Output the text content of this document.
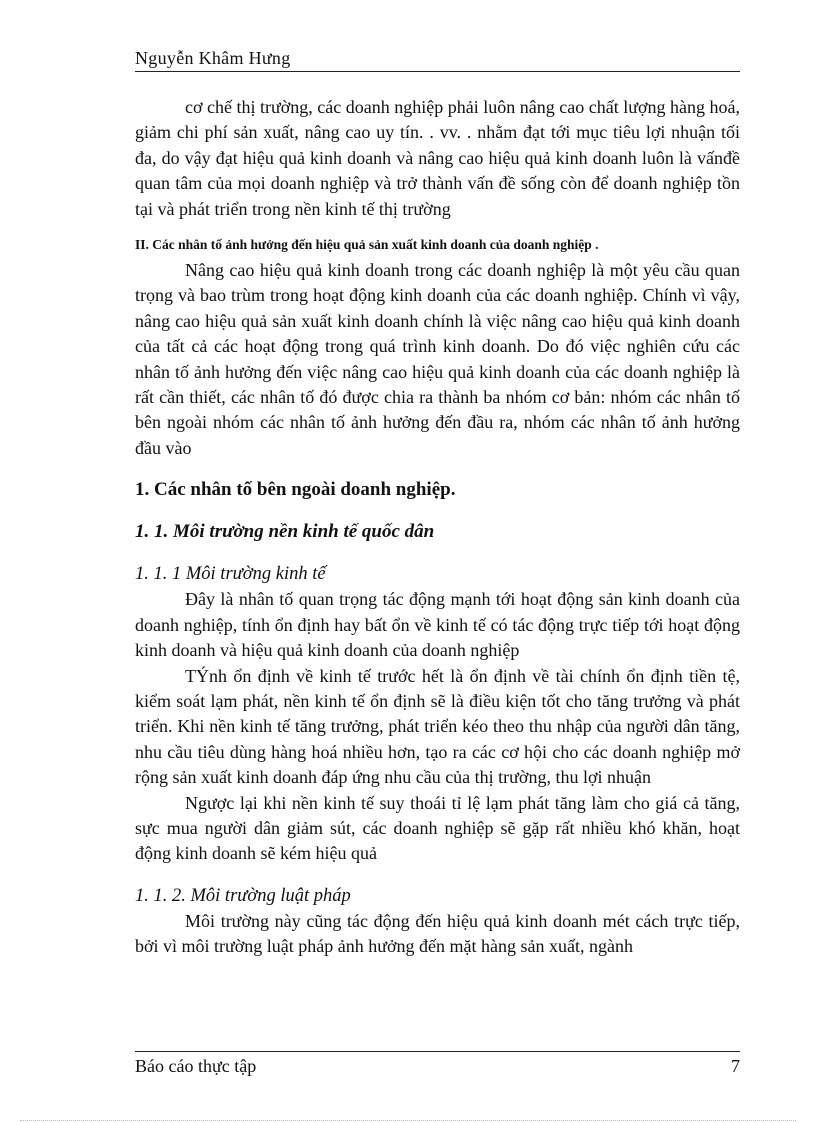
Nguyễn Khâm Hưng

cơ chế thị trường, các doanh nghiệp phải luôn nâng cao chất lượng hàng hoá, giảm chi phí sản xuất, nâng cao uy tín. . vv. . nhằm đạt tới mục tiêu lợi nhuận tối đa, do vậy đạt hiệu quả kinh doanh và nâng cao hiệu quả kinh doanh luôn là vấnđề quan tâm của mọi doanh nghiệp và trở thành vấn đề sống còn để doanh nghiệp tồn tại và phát triển trong nền kinh tế thị trường

II. Các nhân tố ảnh hưởng đến hiệu quả sản xuất kinh doanh của doanh nghiệp .

Nâng cao hiệu quả kinh doanh trong các doanh nghiệp là một yêu cầu quan trọng và bao trùm trong hoạt động kinh doanh của các doanh nghiệp. Chính vì vậy, nâng cao hiệu quả sản xuất kinh doanh chính là việc nâng cao hiệu quả kinh doanh của tất cả các hoạt động trong quá trình kinh doanh. Do đó việc nghiên cứu các nhân tố ảnh hưởng đến việc nâng cao hiệu quả kinh doanh của các doanh nghiệp là rất cần thiết, các nhân tố đó được chia ra thành ba nhóm cơ bản: nhóm các nhân tố bên ngoài nhóm các nhân tố ảnh hưởng đến đầu ra, nhóm các nhân tố ảnh hưởng đầu vào

1. Các nhân tố bên ngoài doanh nghiệp.
1. 1. Môi trường nền kinh tế quốc dân
1. 1. 1 Môi trường kinh tế

Đây là nhân tố quan trọng tác động mạnh tới hoạt động sản kinh doanh của doanh nghiệp, tính ổn định hay bất ổn về kinh tế có tác động trực tiếp tới hoạt động kinh doanh và hiệu quả kinh doanh của doanh nghiệp

TÝnh ổn định về kinh tế trước hết là ổn định về tài chính ổn định tiền tệ, kiểm soát lạm phát, nền kinh tế ổn định sẽ là điều kiện tốt cho tăng trưởng và phát triển. Khi nền kinh tế tăng trưởng, phát triển kéo theo thu nhập của người dân tăng, nhu cầu tiêu dùng hàng hoá nhiều hơn, tạo ra các cơ hội cho các doanh nghiệp mở rộng sản xuất kinh doanh đáp ứng nhu cầu của thị trường, thu lợi nhuận

Ngược lại khi nền kinh tế suy thoái tỉ lệ lạm phát tăng làm cho giá cả tăng, sực mua người dân giảm sút, các doanh nghiệp sẽ gặp rất nhiều khó khăn, hoạt động kinh doanh sẽ kém hiệu quả

1. 1. 2. Môi trường luật pháp

Môi trường này cũng tác động đến hiệu quả kinh doanh mét cách trực tiếp, bởi vì môi trường luật pháp ảnh hưởng đến mặt hàng sản xuất, ngành

Báo cáo thực tập	7
